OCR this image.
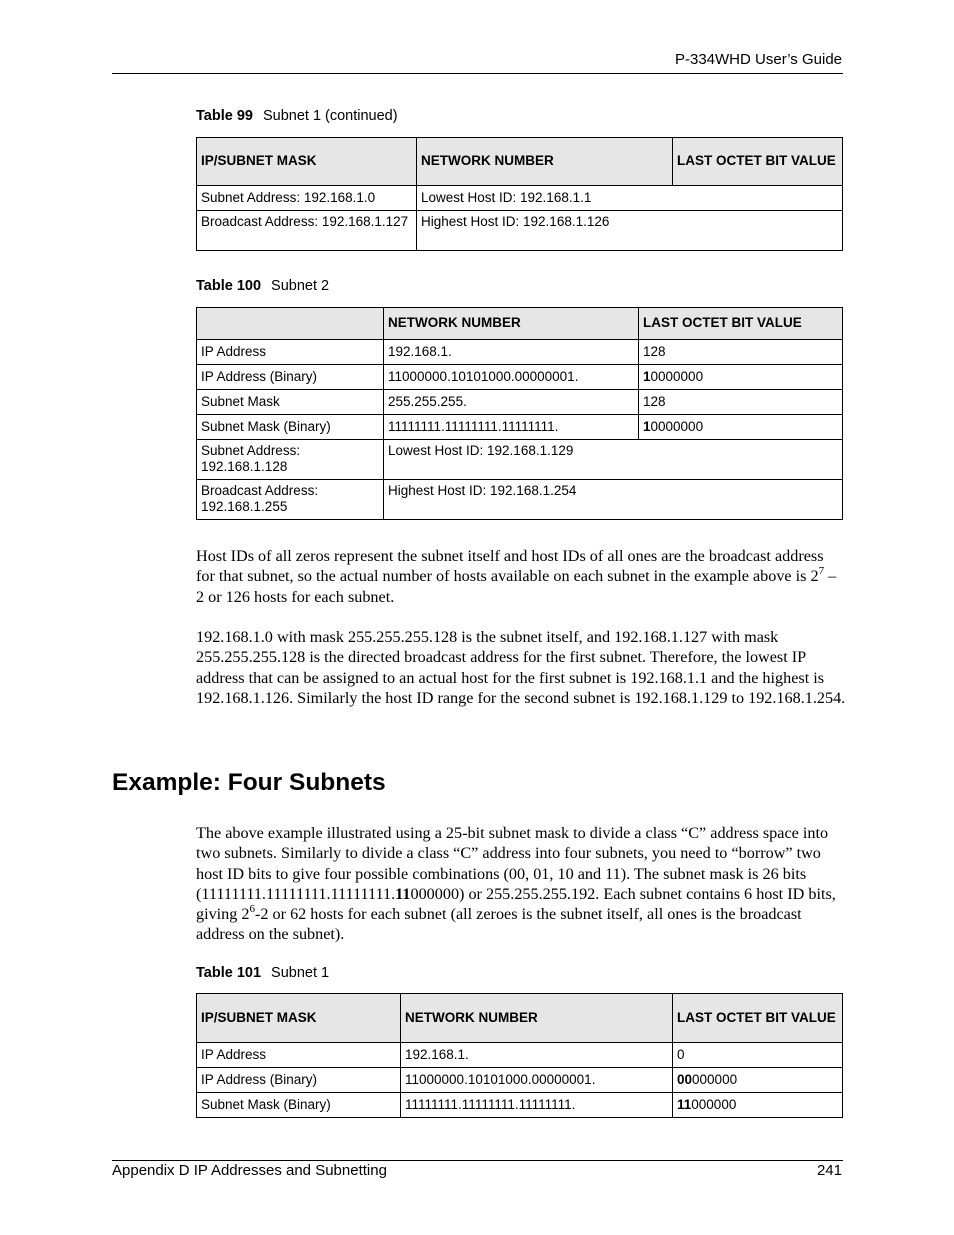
P-334WHD User’s Guide
Table 99 Subnet 1 (continued)
IP/SUBNET MASK	NETWORK NUMBER	LAST OCTET BIT VALUE
Subnet Address: 192.168.1.0	Lowest Host ID: 192.168.1.1	
Broadcast Address: 192.168.1.127	Highest Host ID: 192.168.1.126	
Table 100 Subnet 2
	NETWORK NUMBER	LAST OCTET BIT VALUE
IP Address	192.168.1.	128
IP Address (Binary)	11000000.10101000.00000001.	10000000
Subnet Mask	255.255.255.	128
Subnet Mask (Binary)	11111111.11111111.11111111.	10000000
Subnet Address: 192.168.1.128	Lowest Host ID: 192.168.1.129	
Broadcast Address: 192.168.1.255	Highest Host ID: 192.168.1.254	
Host IDs of all zeros represent the subnet itself and host IDs of all ones are the broadcast address for that subnet, so the actual number of hosts available on each subnet in the example above is $2^7 - 2$ or 126 hosts for each subnet.
192.168.1.0 with mask 255.255.255.128 is the subnet itself, and 192.168.1.127 with mask 255.255.255.128 is the directed broadcast address for the first subnet. Therefore, the lowest IP address that can be assigned to an actual host for the first subnet is 192.168.1.1 and the highest is 192.168.1.126. Similarly the host ID range for the second subnet is 192.168.1.129 to 192.168.1.254.
Example: Four Subnets
The above example illustrated using a 25-bit subnet mask to divide a class “C” address space into two subnets. Similarly to divide a class “C” address into four subnets, you need to “borrow” two host ID bits to give four possible combinations (00, 01, 10 and 11). The subnet mask is 26 bits (11111111.11111111.11111111.11000000) or 255.255.255.192. Each subnet contains 6 host ID bits, giving $2^6-2$ or 62 hosts for each subnet (all zeroes is the subnet itself, all ones is the broadcast address on the subnet).
Table 101 Subnet 1
IP/SUBNET MASK	NETWORK NUMBER	LAST OCTET BIT VALUE
IP Address	192.168.1.	0
IP Address (Binary)	11000000.10101000.00000001.	00000000
Subnet Mask (Binary)	11111111.11111111.11111111.	11000000
Appendix D IP Addresses and Subnetting	241
